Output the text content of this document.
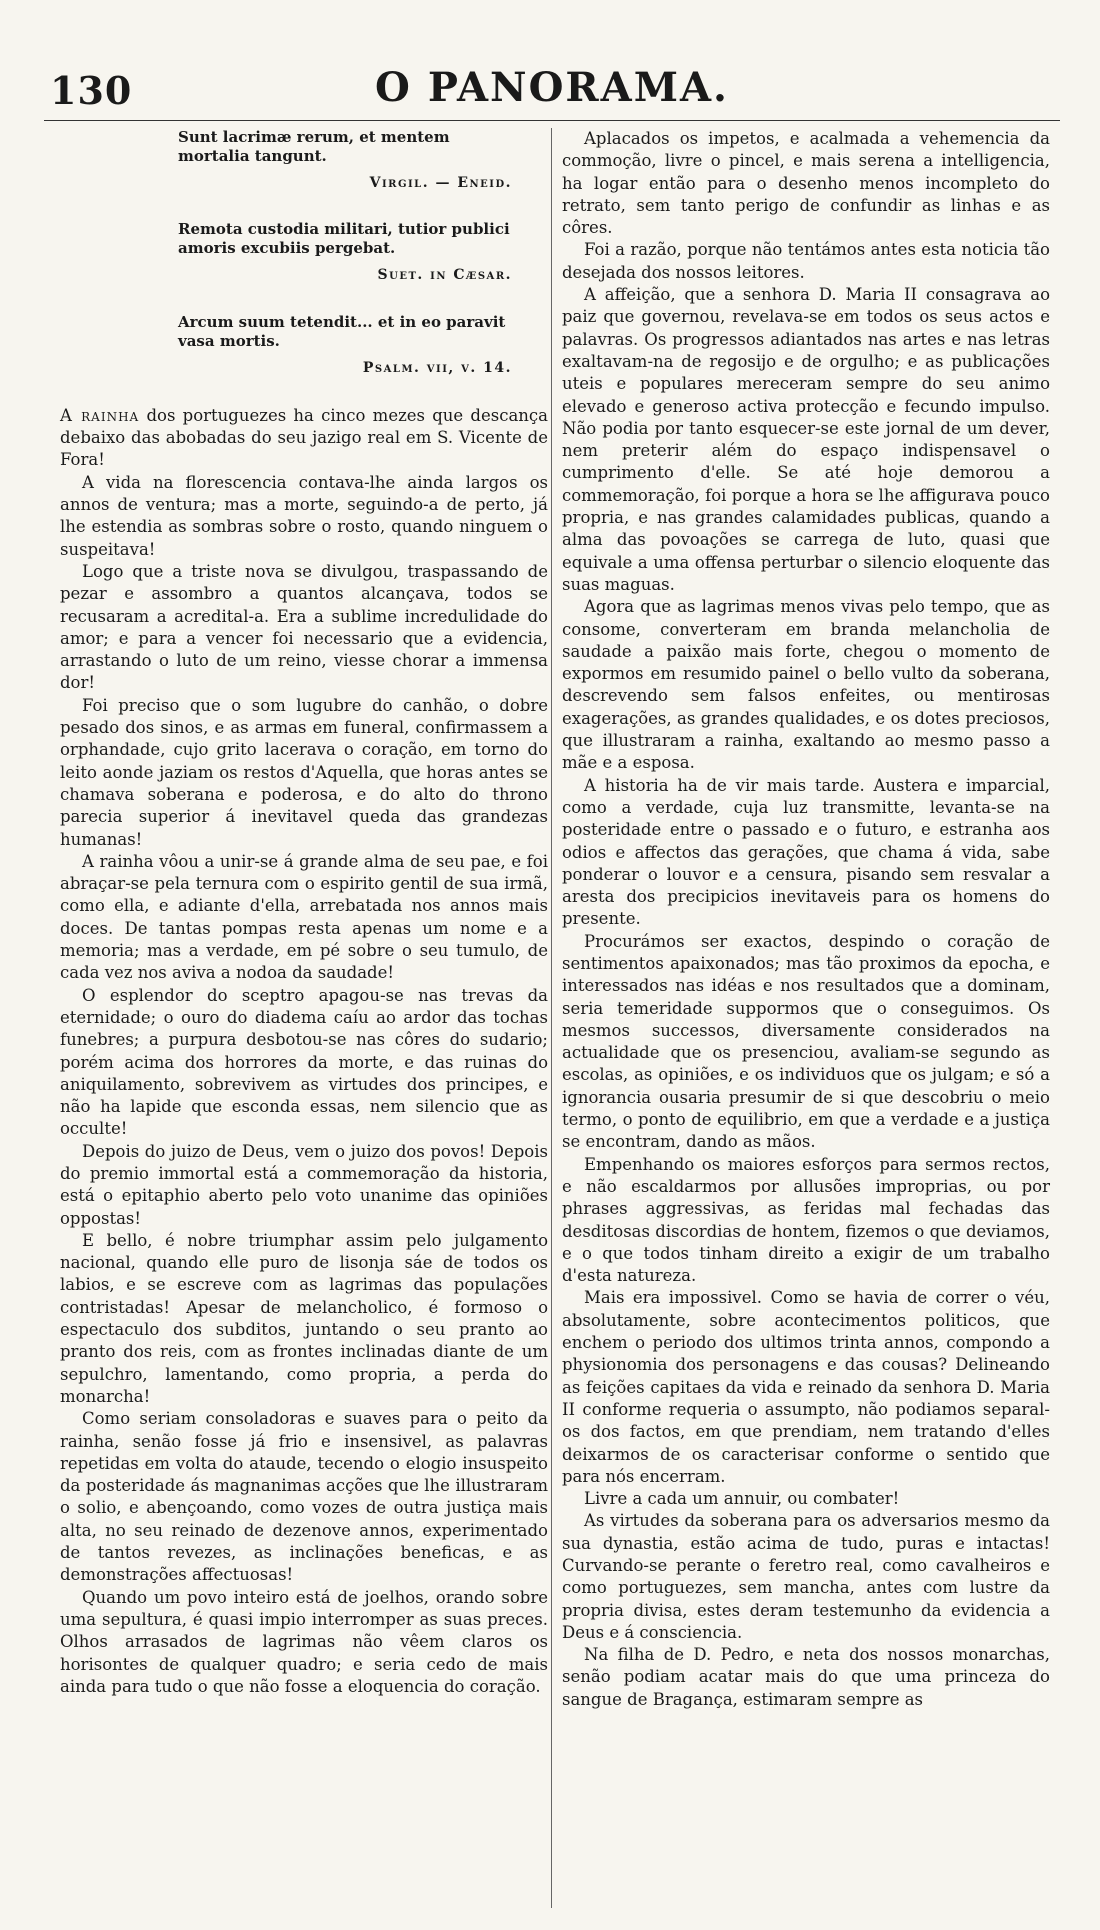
130	O PANORAMA.

Sunt lacrimæ rerum, et mentem mortalia tangunt.

Virgil. — Eneid.

Remota custodia militari, tutior publici amoris excubiis pergebat.

Suet. in Cæsar.

Arcum suum tetendit... et in eo paravit vasa mortis.

Psalm. vii, v. 14.

A rainha dos portuguezes ha cinco mezes que descança debaixo das abobadas do seu jazigo real em S. Vicente de Fora!

A vida na florescencia contava-lhe ainda largos os annos de ventura; mas a morte, seguindo-a de perto, já lhe estendia as sombras sobre o rosto, quando ninguem o suspeitava!

Logo que a triste nova se divulgou, traspassando de pezar e assombro a quantos alcançava, todos se recusaram a acredital-a. Era a sublime incredulidade do amor; e para a vencer foi necessario que a evidencia, arrastando o luto de um reino, viesse chorar a immensa dor!

Foi preciso que o som lugubre do canhão, o dobre pesado dos sinos, e as armas em funeral, confirmassem a orphandade, cujo grito lacerava o coração, em torno do leito aonde jaziam os restos d'Aquella, que horas antes se chamava soberana e poderosa, e do alto do throno parecia superior á inevitavel queda das grandezas humanas!

A rainha vôou a unir-se á grande alma de seu pae, e foi abraçar-se pela ternura com o espirito gentil de sua irmã, como ella, e adiante d'ella, arrebatada nos annos mais doces. De tantas pompas resta apenas um nome e a memoria; mas a verdade, em pé sobre o seu tumulo, de cada vez nos aviva a nodoa da saudade!

O esplendor do sceptro apagou-se nas trevas da eternidade; o ouro do diadema caíu ao ardor das tochas funebres; a purpura desbotou-se nas côres do sudario; porém acima dos horrores da morte, e das ruinas do aniquilamento, sobrevivem as virtudes dos principes, e não ha lapide que esconda essas, nem silencio que as occulte!

Depois do juizo de Deus, vem o juizo dos povos! Depois do premio immortal está a commemoração da historia, está o epitaphio aberto pelo voto unanime das opiniões oppostas!

E bello, é nobre triumphar assim pelo julgamento nacional, quando elle puro de lisonja sáe de todos os labios, e se escreve com as lagrimas das populações contristadas! Apesar de melancholico, é formoso o espectaculo dos subditos, juntando o seu pranto ao pranto dos reis, com as frontes inclinadas diante de um sepulchro, lamentando, como propria, a perda do monarcha!

Como seriam consoladoras e suaves para o peito da rainha, senão fosse já frio e insensivel, as palavras repetidas em volta do ataude, tecendo o elogio insuspeito da posteridade ás magnanimas acções que lhe illustraram o solio, e abençoando, como vozes de outra justiça mais alta, no seu reinado de dezenove annos, experimentado de tantos revezes, as inclinações beneficas, e as demonstrações affectuosas!

Quando um povo inteiro está de joelhos, orando sobre uma sepultura, é quasi impio interromper as suas preces. Olhos arrasados de lagrimas não vêem claros os horisontes de qualquer quadro; e seria cedo de mais ainda para tudo o que não fosse a eloquencia do coração.

Aplacados os impetos, e acalmada a vehemencia da commoção, livre o pincel, e mais serena a intelligencia, ha logar então para o desenho menos incompleto do retrato, sem tanto perigo de confundir as linhas e as côres.

Foi a razão, porque não tentámos antes esta noticia tão desejada dos nossos leitores.

A affeição, que a senhora D. Maria II consagrava ao paiz que governou, revelava-se em todos os seus actos e palavras. Os progressos adiantados nas artes e nas letras exaltavam-na de regosijo e de orgulho; e as publicações uteis e populares mereceram sempre do seu animo elevado e generoso activa protecção e fecundo impulso. Não podia por tanto esquecer-se este jornal de um dever, nem preterir além do espaço indispensavel o cumprimento d'elle. Se até hoje demorou a commemoração, foi porque a hora se lhe affigurava pouco propria, e nas grandes calamidades publicas, quando a alma das povoações se carrega de luto, quasi que equivale a uma offensa perturbar o silencio eloquente das suas maguas.

Agora que as lagrimas menos vivas pelo tempo, que as consome, converteram em branda melancholia de saudade a paixão mais forte, chegou o momento de expormos em resumido painel o bello vulto da soberana, descrevendo sem falsos enfeites, ou mentirosas exagerações, as grandes qualidades, e os dotes preciosos, que illustraram a rainha, exaltando ao mesmo passo a mãe e a esposa.

A historia ha de vir mais tarde. Austera e imparcial, como a verdade, cuja luz transmitte, levanta-se na posteridade entre o passado e o futuro, e estranha aos odios e affectos das gerações, que chama á vida, sabe ponderar o louvor e a censura, pisando sem resvalar a aresta dos precipicios inevitaveis para os homens do presente.

Procurámos ser exactos, despindo o coração de sentimentos apaixonados; mas tão proximos da epocha, e interessados nas idéas e nos resultados que a dominam, seria temeridade suppormos que o conseguimos. Os mesmos successos, diversamente considerados na actualidade que os presenciou, avaliam-se segundo as escolas, as opiniões, e os individuos que os julgam; e só a ignorancia ousaria presumir de si que descobriu o meio termo, o ponto de equilibrio, em que a verdade e a justiça se encontram, dando as mãos.

Empenhando os maiores esforços para sermos rectos, e não escaldarmos por allusões improprias, ou por phrases aggressivas, as feridas mal fechadas das desditosas discordias de hontem, fizemos o que deviamos, e o que todos tinham direito a exigir de um trabalho d'esta natureza.

Mais era impossivel. Como se havia de correr o véu, absolutamente, sobre acontecimentos politicos, que enchem o periodo dos ultimos trinta annos, compondo a physionomia dos personagens e das cousas? Delineando as feições capitaes da vida e reinado da senhora D. Maria II conforme requeria o assumpto, não podiamos separal-os dos factos, em que prendiam, nem tratando d'elles deixarmos de os caracterisar conforme o sentido que para nós encerram.

Livre a cada um annuir, ou combater!

As virtudes da soberana para os adversarios mesmo da sua dynastia, estão acima de tudo, puras e intactas! Curvando-se perante o feretro real, como cavalheiros e como portuguezes, sem mancha, antes com lustre da propria divisa, estes deram testemunho da evidencia a Deus e á consciencia.

Na filha de D. Pedro, e neta dos nossos monarchas, senão podiam acatar mais do que uma princeza do sangue de Bragança, estimaram sempre as
